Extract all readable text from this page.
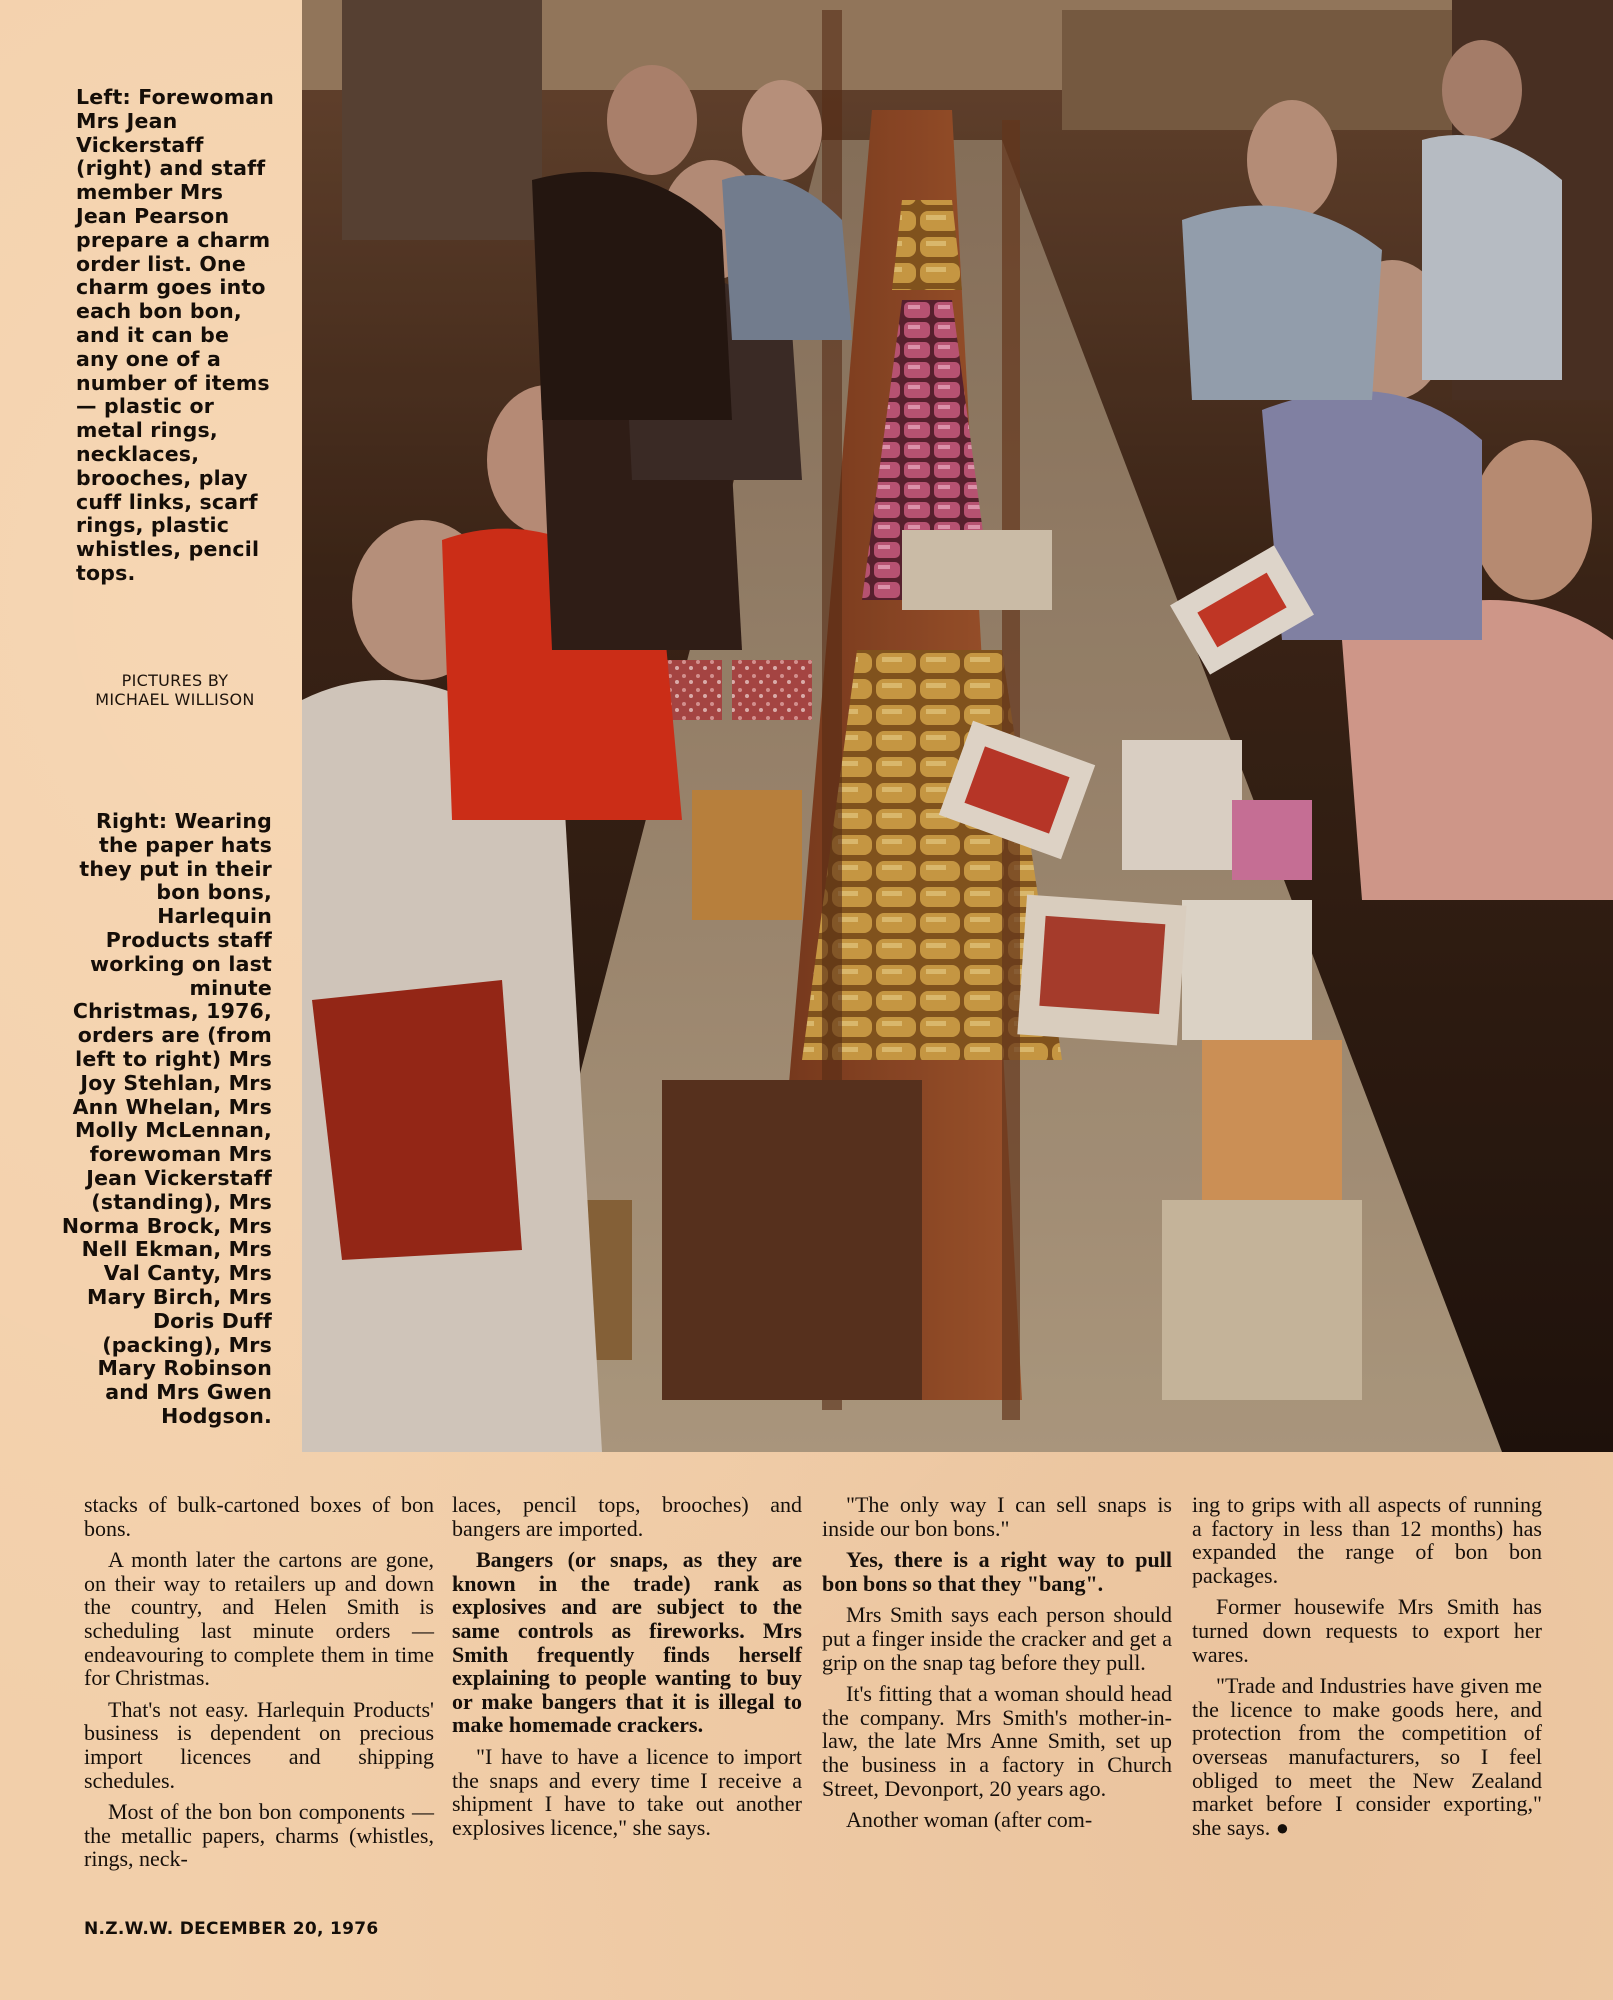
Left: Forewoman Mrs Jean Vickerstaff (right) and staff member Mrs Jean Pearson prepare a charm order list. One charm goes into each bon bon, and it can be any one of a number of items — plastic or metal rings, necklaces, brooches, play cuff links, scarf rings, plastic whistles, pencil tops.
PICTURES BY
MICHAEL WILLISON
Right: Wearing the paper hats they put in their bon bons, Harlequin Products staff working on last minute Christmas, 1976, orders are (from left to right) Mrs Joy Stehlan, Mrs Ann Whelan, Mrs Molly McLennan, forewoman Mrs Jean Vickerstaff (standing), Mrs Norma Brock, Mrs Nell Ekman, Mrs Val Canty, Mrs Mary Birch, Mrs Doris Duff (packing), Mrs Mary Robinson and Mrs Gwen Hodgson.

stacks of bulk-cartoned boxes of bon bons.

A month later the cartons are gone, on their way to retailers up and down the country, and Helen Smith is scheduling last minute orders — endeavouring to complete them in time for Christmas.

That's not easy. Harlequin Products' business is dependent on precious import licences and shipping schedules.

Most of the bon bon components — the metallic papers, charms (whistles, rings, neck-

laces, pencil tops, brooches) and bangers are imported.

Bangers (or snaps, as they are known in the trade) rank as explosives and are subject to the same controls as fireworks. Mrs Smith frequently finds herself explaining to people wanting to buy or make bangers that it is illegal to make homemade crackers.

"I have to have a licence to import the snaps and every time I receive a shipment I have to take out another explosives licence," she says.

"The only way I can sell snaps is inside our bon bons."

Yes, there is a right way to pull bon bons so that they "bang".

Mrs Smith says each person should put a finger inside the cracker and get a grip on the snap tag before they pull.

It's fitting that a woman should head the company. Mrs Smith's mother-in-law, the late Mrs Anne Smith, set up the business in a factory in Church Street, Devonport, 20 years ago.

Another woman (after com-

ing to grips with all aspects of running a factory in less than 12 months) has expanded the range of bon bon packages.

Former housewife Mrs Smith has turned down requests to export her wares.

"Trade and Industries have given me the licence to make goods here, and protection from the competition of overseas manufacturers, so I feel obliged to meet the New Zealand market before I consider exporting," she says. ●

N.Z.W.W. DECEMBER 20, 1976
